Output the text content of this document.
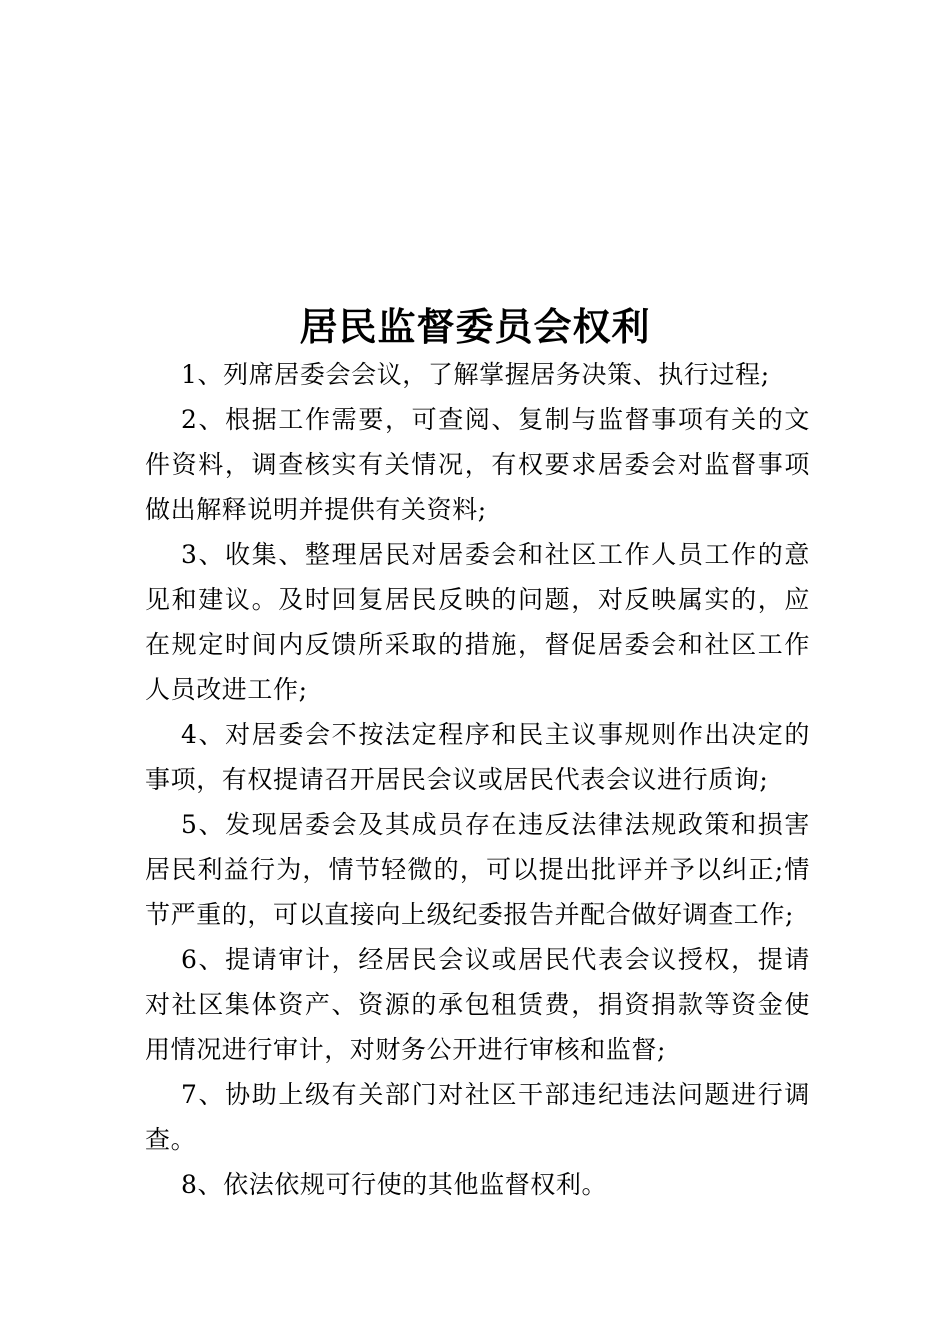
居民监督委员会权利

1、列席居委会会议，了解掌握居务决策、执行过程;

2、根据工作需要，可查阅、复制与监督事项有关的文件资料，调查核实有关情况，有权要求居委会对监督事项做出解释说明并提供有关资料;

3、收集、整理居民对居委会和社区工作人员工作的意见和建议。及时回复居民反映的问题，对反映属实的，应在规定时间内反馈所采取的措施，督促居委会和社区工作人员改进工作;

4、对居委会不按法定程序和民主议事规则作出决定的事项，有权提请召开居民会议或居民代表会议进行质询;

5、发现居委会及其成员存在违反法律法规政策和损害居民利益行为，情节轻微的，可以提出批评并予以纠正;情节严重的，可以直接向上级纪委报告并配合做好调查工作;

6、提请审计，经居民会议或居民代表会议授权，提请对社区集体资产、资源的承包租赁费，捐资捐款等资金使用情况进行审计，对财务公开进行审核和监督;

7、协助上级有关部门对社区干部违纪违法问题进行调查。

8、依法依规可行使的其他监督权利。
